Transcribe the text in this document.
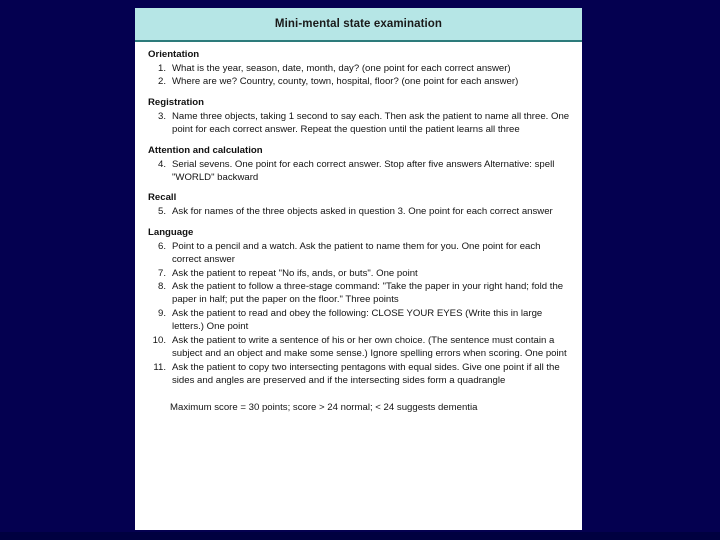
Mini-mental state examination
Orientation
1. What is the year, season, date, month, day? (one point for each correct answer)
2. Where are we? Country, county, town, hospital, floor? (one point for each answer)
Registration
3. Name three objects, taking 1 second to say each. Then ask the patient to name all three. One point for each correct answer. Repeat the question until the patient learns all three
Attention and calculation
4. Serial sevens. One point for each correct answer. Stop after five answers Alternative: spell "WORLD" backward
Recall
5. Ask for names of the three objects asked in question 3. One point for each correct answer
Language
6. Point to a pencil and a watch. Ask the patient to name them for you. One point for each correct answer
7. Ask the patient to repeat "No ifs, ands, or buts". One point
8. Ask the patient to follow a three-stage command: "Take the paper in your right hand; fold the paper in half; put the paper on the floor." Three points
9. Ask the patient to read and obey the following: CLOSE YOUR EYES (Write this in large letters.) One point
10. Ask the patient to write a sentence of his or her own choice. (The sentence must contain a subject and an object and make some sense.) Ignore spelling errors when scoring. One point
11. Ask the patient to copy two intersecting pentagons with equal sides. Give one point if all the sides and angles are preserved and if the intersecting sides form a quadrangle
Maximum score = 30 points; score > 24 normal; < 24 suggests dementia
